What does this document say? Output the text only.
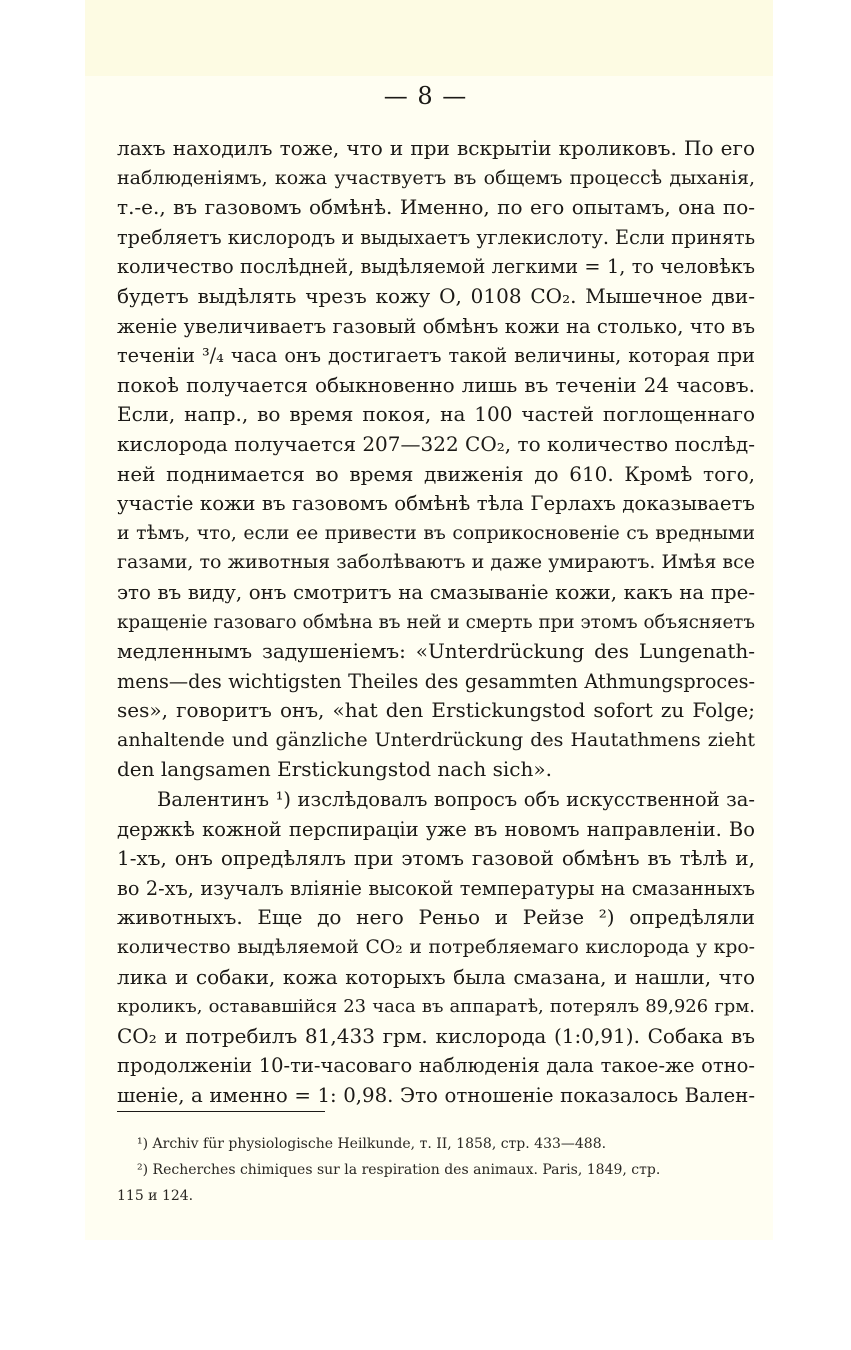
— 8 —
лахъ находилъ тоже, что и при вскрытіи кроликовъ. По его
наблюденіямъ, кожа участвуетъ въ общемъ процессѣ дыханія,
т.-е., въ газовомъ обмѣнѣ. Именно, по его опытамъ, она по-
требляетъ кислородъ и выдыхаетъ углекислоту. Если принять
количество послѣдней, выдѣляемой легкими = 1, то человѣкъ
будетъ выдѣлять чрезъ кожу О, 0108 СО₂. Мышечное дви-
женіе увеличиваетъ газовый обмѣнъ кожи на столько, что въ
теченіи ³/₄ часа онъ достигаетъ такой величины, которая при
покоѣ получается обыкновенно лишь въ теченіи 24 часовъ.
Если, напр., во время покоя, на 100 частей поглощеннаго
кислорода получается 207—322 СО₂, то количество послѣд-
ней поднимается во время движенія до 610. Кромѣ того,
участіе кожи въ газовомъ обмѣнѣ тѣла Герлахъ доказываетъ
и тѣмъ, что, если ее привести въ соприкосновеніе съ вредными
газами, то животныя заболѣваютъ и даже умираютъ. Имѣя все
это въ виду, онъ смотритъ на смазываніе кожи, какъ на пре-
кращеніе газоваго обмѣна въ ней и смерть при этомъ объясняетъ
медленнымъ задушеніемъ: «Unterdrückung des Lungenath-
mens—des wichtigsten Theiles des gesammten Athmungsproces-
ses», говоритъ онъ, «hat den Erstickungstod sofort zu Folge;
anhaltende und gänzliche Unterdrückung des Hautathmens zieht
den langsamen Erstickungstod nach sich».
Валентинъ ¹) изслѣдовалъ вопросъ объ искусственной за-
держкѣ кожной перспираціи уже въ новомъ направленіи. Во
1-хъ, онъ опредѣлялъ при этомъ газовой обмѣнъ въ тѣлѣ и,
во 2-хъ, изучалъ вліяніе высокой температуры на смазанныхъ
животныхъ. Еще до него Реньо и Рейзе ²) опредѣляли
количество выдѣляемой СО₂ и потребляемаго кислорода у кро-
лика и собаки, кожа которыхъ была смазана, и нашли, что
кроликъ, остававшійся 23 часа въ аппаратѣ, потерялъ 89,926 грм.
СО₂ и потребилъ 81,433 грм. кислорода (1:0,91). Собака въ
продолженіи 10-ти-часоваго наблюденія дала такое-же отно-
шеніе, а именно = 1: 0,98. Это отношеніе показалось Вален-
¹) Archiv für physiologische Heilkunde, т. II, 1858, стр. 433—488.
²) Recherches chimiques sur la respiration des animaux. Paris, 1849, стр.
115 и 124.
